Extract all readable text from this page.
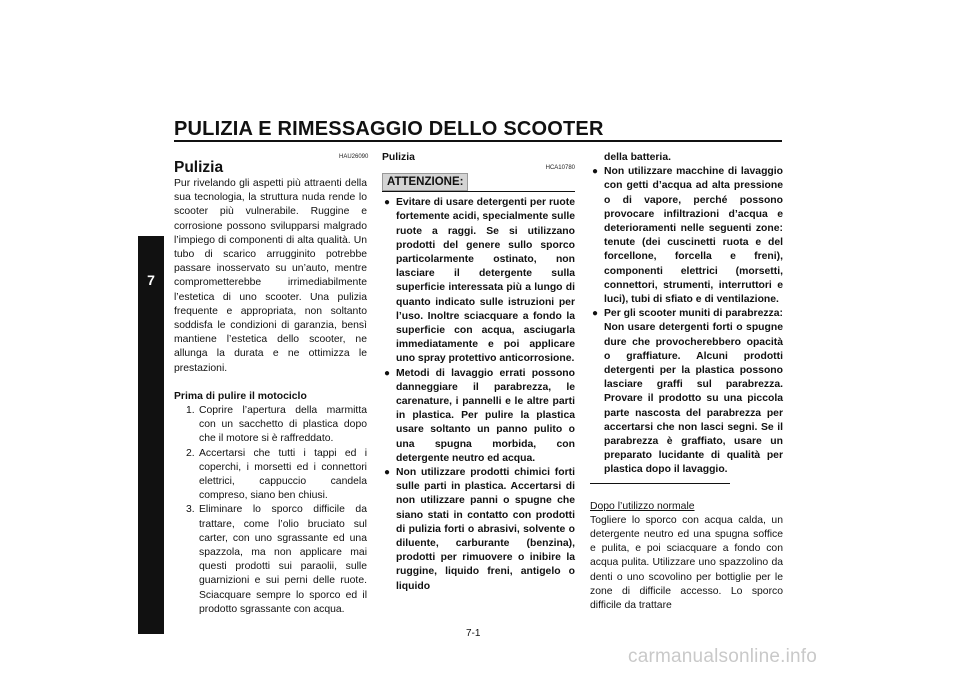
PULIZIA E RIMESSAGGIO DELLO SCOOTER
7
HAU26090
Pulizia

Pur rivelando gli aspetti più attraenti della sua tecnologia, la struttura nuda rende lo scooter più vulnerabile. Ruggine e corrosione possono svilupparsi malgrado l’impiego di componenti di alta qualità. Un tubo di scarico arrugginito potrebbe passare inosservato su un’auto, mentre comprometterebbe irrimediabilmente l’estetica di uno scooter. Una pulizia frequente e appropriata, non soltanto soddisfa le condizioni di garanzia, bensì mantiene l’estetica dello scooter, ne allunga la durata e ne ottimizza le prestazioni.

Prima di pulire il motociclo
1. Coprire l’apertura della marmitta con un sacchetto di plastica dopo che il motore si è raffreddato.
2. Accertarsi che tutti i tappi ed i coperchi, i morsetti ed i connettori elettrici, cappuccio candela compreso, siano ben chiusi.
3. Eliminare lo sporco difficile da trattare, come l’olio bruciato sul carter, con uno sgrassante ed una spazzola, ma non applicare mai questi prodotti sui paraolii, sulle guarnizioni e sui perni delle ruote. Sciacquare sempre lo sporco ed il prodotto sgrassante con acqua.
Pulizia
HCA10780
ATTENZIONE:
● Evitare di usare detergenti per ruote fortemente acidi, specialmente sulle ruote a raggi. Se si utilizzano prodotti del genere sullo sporco particolarmente ostinato, non lasciare il detergente sulla superficie interessata più a lungo di quanto indicato sulle istruzioni per l’uso. Inoltre sciacquare a fondo la superficie con acqua, asciugarla immediatamente e poi applicare uno spray protettivo anticorrosione.
● Metodi di lavaggio errati possono danneggiare il parabrezza, le carenature, i pannelli e le altre parti in plastica. Per pulire la plastica usare soltanto un panno pulito o una spugna morbida, con detergente neutro ed acqua.
● Non utilizzare prodotti chimici forti sulle parti in plastica. Accertarsi di non utilizzare panni o spugne che siano stati in contatto con prodotti di pulizia forti o abrasivi, solvente o diluente, carburante (benzina), prodotti per rimuovere o inibire la ruggine, liquido freni, antigelo o liquido
della batteria.
● Non utilizzare macchine di lavaggio con getti d’acqua ad alta pressione o di vapore, perché possono provocare infiltrazioni d’acqua e deterioramenti nelle seguenti zone: tenute (dei cuscinetti ruota e del forcellone, forcella e freni), componenti elettrici (morsetti, connettori, strumenti, interruttori e luci), tubi di sfiato e di ventilazione.
● Per gli scooter muniti di parabrezza: Non usare detergenti forti o spugne dure che provocherebbero opacità o graffiature. Alcuni prodotti detergenti per la plastica possono lasciare graffi sul parabrezza. Provare il prodotto su una piccola parte nascosta del parabrezza per accertarsi che non lasci segni. Se il parabrezza è graffiato, usare un preparato lucidante di qualità per plastica dopo il lavaggio.
Dopo l’utilizzo normale

Togliere lo sporco con acqua calda, un detergente neutro ed una spugna soffice e pulita, e poi sciacquare a fondo con acqua pulita. Utilizzare uno spazzolino da denti o uno scovolino per bottiglie per le zone di difficile accesso. Lo sporco difficile da trattare

7-1
carmanualsonline.info
